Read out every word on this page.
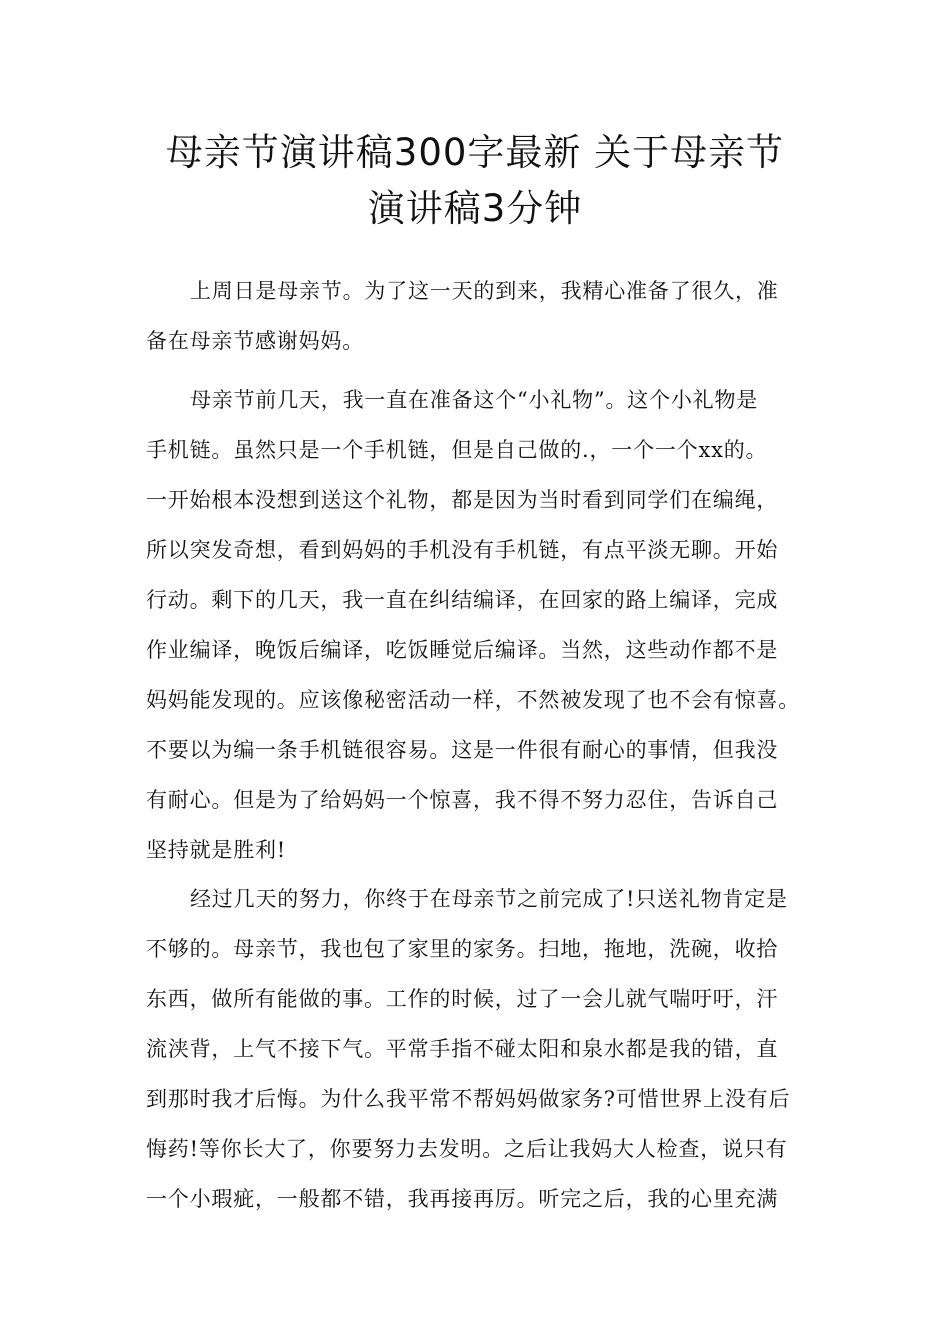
母亲节演讲稿300字最新 关于母亲节
演讲稿3分钟
上周日是母亲节。为了这一天的到来，我精心准备了很久，准
备在母亲节感谢妈妈。
母亲节前几天，我一直在准备这个“小礼物”。这个小礼物是
手机链。虽然只是一个手机链，但是自己做的.，一个一个xx的。
一开始根本没想到送这个礼物，都是因为当时看到同学们在编绳，
所以突发奇想，看到妈妈的手机没有手机链，有点平淡无聊。开始
行动。剩下的几天，我一直在纠结编译，在回家的路上编译，完成
作业编译，晚饭后编译，吃饭睡觉后编译。当然，这些动作都不是
妈妈能发现的。应该像秘密活动一样，不然被发现了也不会有惊喜。
不要以为编一条手机链很容易。这是一件很有耐心的事情，但我没
有耐心。但是为了给妈妈一个惊喜，我不得不努力忍住，告诉自己
坚持就是胜利!
经过几天的努力，你终于在母亲节之前完成了!只送礼物肯定是
不够的。母亲节，我也包了家里的家务。扫地，拖地，洗碗，收拾
东西，做所有能做的事。工作的时候，过了一会儿就气喘吁吁，汗
流浃背，上气不接下气。平常手指不碰太阳和泉水都是我的错，直
到那时我才后悔。为什么我平常不帮妈妈做家务?可惜世界上没有后
悔药!等你长大了，你要努力去发明。之后让我妈大人检查，说只有
一个小瑕疵，一般都不错，我再接再厉。听完之后，我的心里充满
